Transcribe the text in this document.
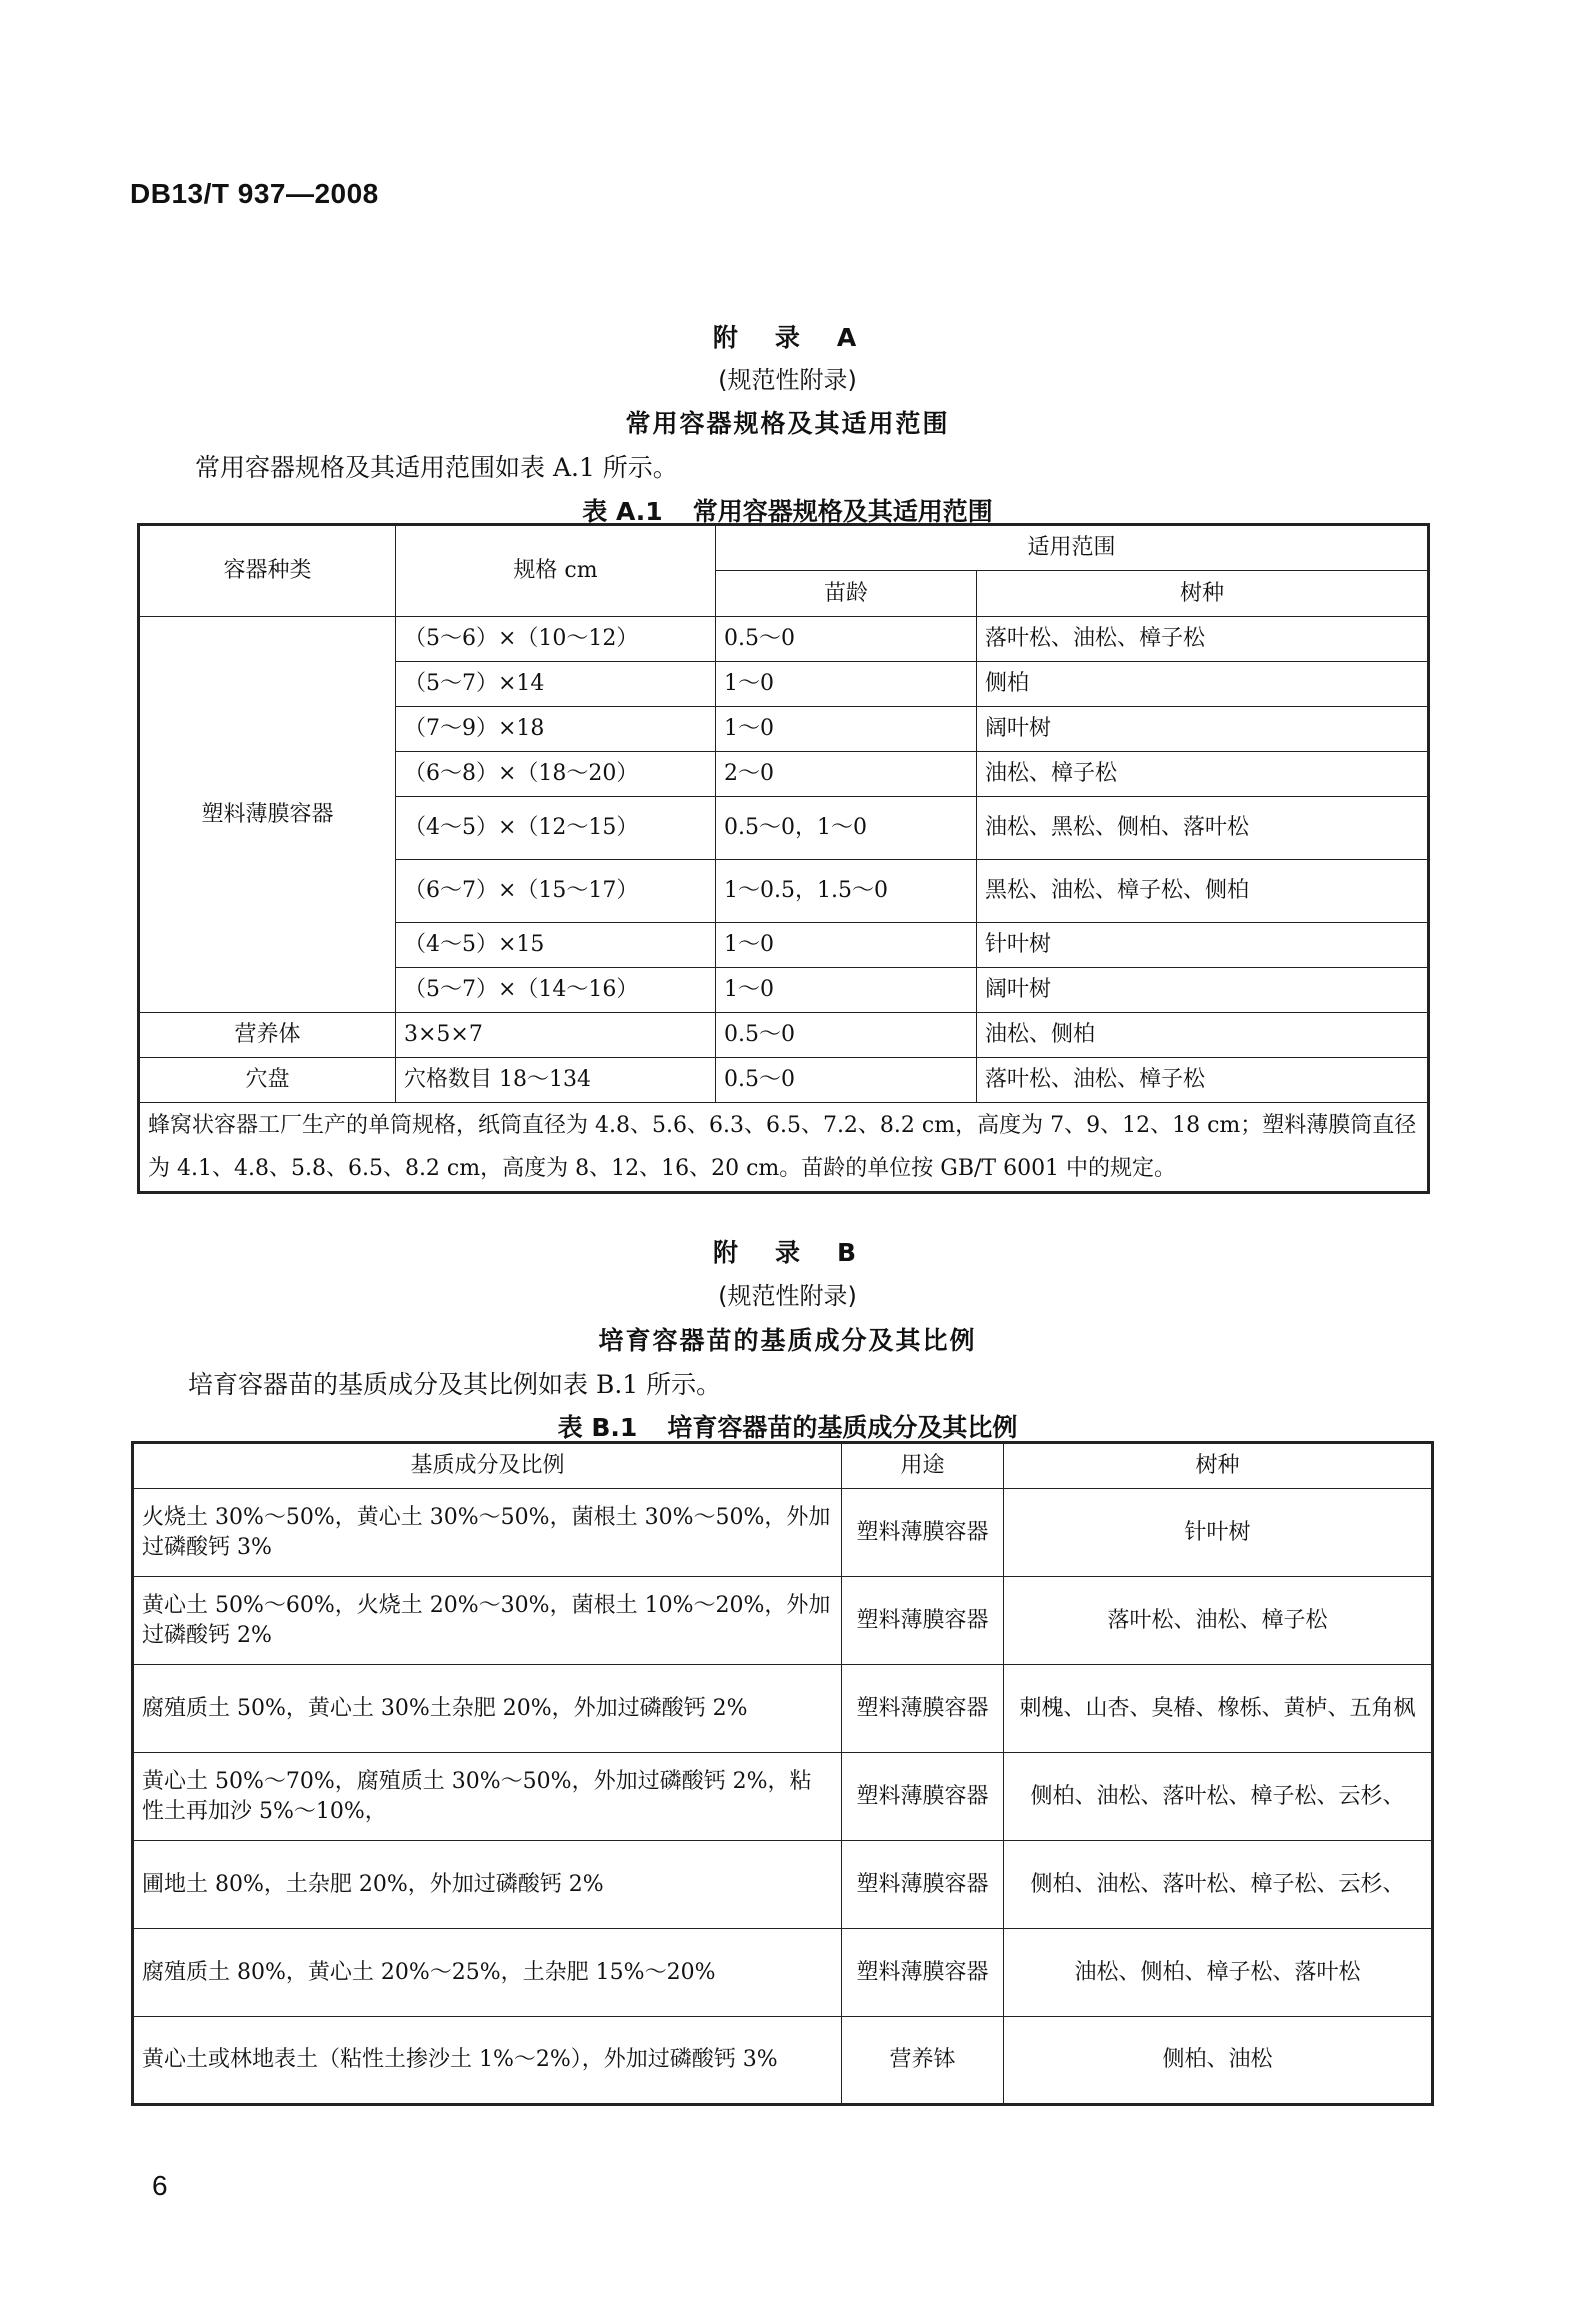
DB13/T 937—2008
附　录　A
(规范性附录)
常用容器规格及其适用范围
常用容器规格及其适用范围如表 A.1 所示。
表 A.1 常用容器规格及其适用范围
容器种类	规格 cm	适用范围	
		苗龄	树种
塑料薄膜容器	（5～6）×（10～12）	0.5～0	落叶松、油松、樟子松
	（5～7）×14	1～0	侧柏
	（7～9）×18	1～0	阔叶树
	（6～8）×（18～20）	2～0	油松、樟子松
	（4～5）×（12～15）	0.5～0，1～0	油松、黑松、侧柏、落叶松
	（6～7）×（15～17）	1～0.5，1.5～0	黑松、油松、樟子松、侧柏
	（4～5）×15	1～0	针叶树
	（5～7）×（14～16）	1～0	阔叶树
营养体	3×5×7	0.5～0	油松、侧柏
穴盘	穴格数目 18～134	0.5～0	落叶松、油松、樟子松
蜂窝状容器工厂生产的单筒规格，纸筒直径为 4.8、5.6、6.3、6.5、7.2、8.2 cm，高度为 7、9、12、18 cm；塑料薄膜筒直径为 4.1、4.8、5.8、6.5、8.2 cm，高度为 8、12、16、20 cm。苗龄的单位按 GB/T 6001 中的规定。			
附　录　B
(规范性附录)
培育容器苗的基质成分及其比例
培育容器苗的基质成分及其比例如表 B.1 所示。
表 B.1 培育容器苗的基质成分及其比例
基质成分及比例	用途	树种
火烧土 30%～50%，黄心土 30%～50%，菌根土 30%～50%，外加过磷酸钙 3%	塑料薄膜容器	针叶树
黄心土 50%～60%，火烧土 20%～30%，菌根土 10%～20%，外加过磷酸钙 2%	塑料薄膜容器	落叶松、油松、樟子松
腐殖质土 50%，黄心土 30%土杂肥 20%，外加过磷酸钙 2%	塑料薄膜容器	刺槐、山杏、臭椿、橡栎、黄栌、五角枫
黄心土 50%～70%，腐殖质土 30%～50%，外加过磷酸钙 2%，粘性土再加沙 5%～10%，	塑料薄膜容器	侧柏、油松、落叶松、樟子松、云杉、
圃地土 80%，土杂肥 20%，外加过磷酸钙 2%	塑料薄膜容器	侧柏、油松、落叶松、樟子松、云杉、
腐殖质土 80%，黄心土 20%～25%，土杂肥 15%～20%	塑料薄膜容器	油松、侧柏、樟子松、落叶松
黄心土或林地表土（粘性土掺沙土 1%～2%），外加过磷酸钙 3%	营养钵	侧柏、油松
6
